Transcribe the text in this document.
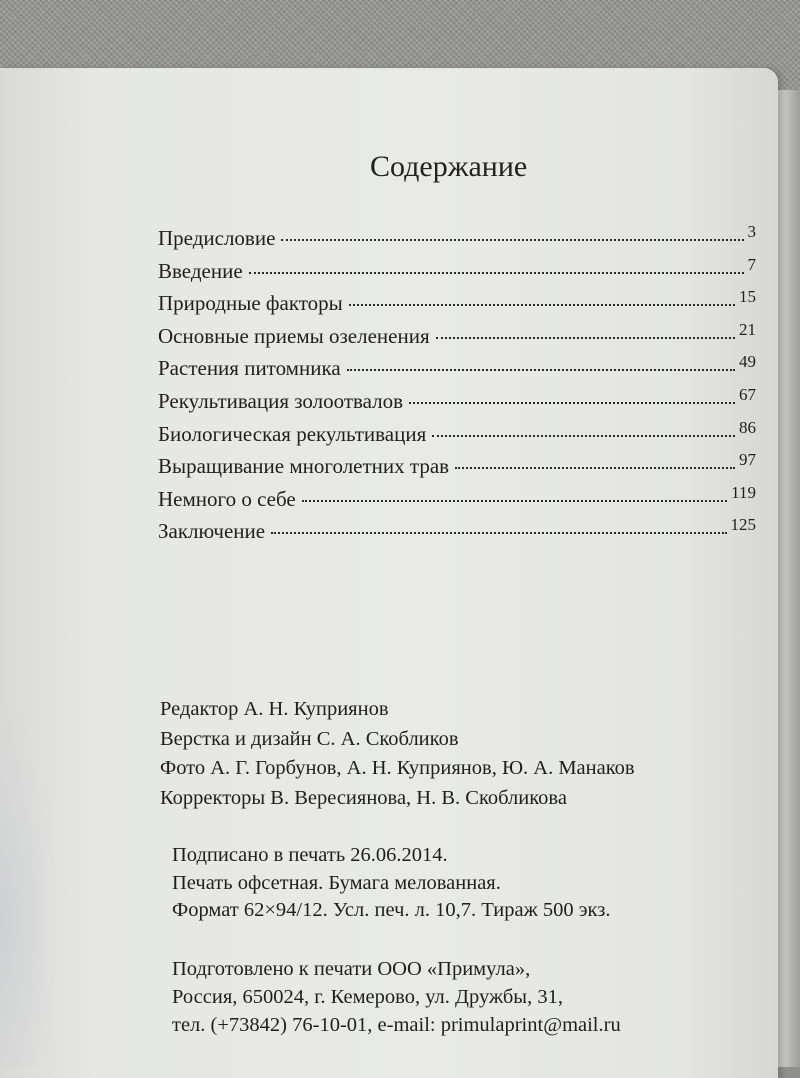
Содержание
Предисловие	3
Введение	7
Природные факторы	15
Основные приемы озеленения	21
Растения питомника	49
Рекультивация золоотвалов	67
Биологическая рекультивация	86
Выращивание многолетних трав	97
Немного о себе	119
Заключение	125
Редактор А. Н. Куприянов
Верстка и дизайн С. А. Скобликов
Фото А. Г. Горбунов, А. Н. Куприянов, Ю. А. Манаков
Корректоры В. Вересиянова, Н. В. Скобликова
Подписано в печать 26.06.2014.
Печать офсетная. Бумага мелованная.
Формат 62×94/12. Усл. печ. л. 10,7. Тираж 500 экз.
Подготовлено к печати ООО «Примула»,
Россия, 650024, г. Кемерово, ул. Дружбы, 31,
тел. (+73842) 76-10-01, e-mail: primulaprint@mail.ru
